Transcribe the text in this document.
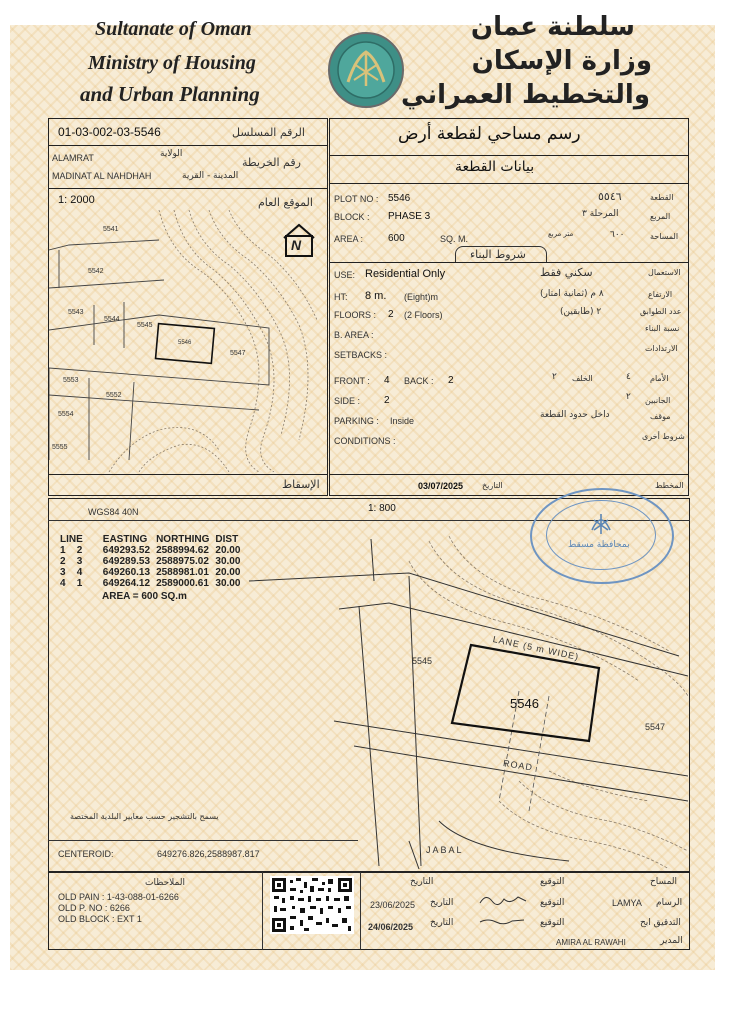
Sultanate of Oman
Ministry of Housing
and Urban Planning
سلطنة عمان
وزارة الإسكان
والتخطيط العمراني
01-03-002-03-5546	الرقم المسلسل
الولاية
رقم الخريطة
ALAMRAT
MADINAT AL NAHDHAH	المدينة - القرية
1: 2000	الموقع العام
5541
5542
5543
5544
5545
5546
5547
5553
5552
5554
5555
N
الإسقاط
رسم مساحي لقطعة أرض
بيانات القطعة
PLOT NO : 5546	٥٥٤٦	القطعة
BLOCK : PHASE 3	المرحلة ٣	المربع
AREA : 600	SQ. M.	متر مربع	٦٠٠	المساحة
شروط البناء
USE: Residential Only	سكني فقط	الاستعمال
HT: 8 m. (Eight)m	٨ م (ثمانية امتار)	الارتفاع
FLOORS : 2 (2 Floors)	٢ (طابقين)	عدد الطوابق
B. AREA :
نسبة البناء
SETBACKS :
الارتدادات
FRONT : 4 BACK : 2	٢ الخلف	٤ الأمام
SIDE : 2	٢ الجانبين
PARKING : Inside
داخل حدود القطعة	موقف
CONDITIONS :	شروط أخرى
03/07/2025 التاريخ	المخطط
WGS84 40N	1: 800
LINE	EASTING	NORTHING	DIST
1 2	649293.52	2588994.62	20.00
2 3	649289.53	2588975.02	30.00
3 4	649260.13	2588981.01	20.00
4 1	649264.12	2589000.61	30.00
AREA = 600 SQ.m
LANE (5 m WIDE)
ROAD
JABAL
5546
5545
5547
يسمح بالتشجير حسب معايير البلدية المختصة
CENTEROID:	649276.826,2588987.817
بمحافظة مسقط
الملاحظات
OLD PAIN : 1-43-088-01-6266
OLD P. NO : 6266
OLD BLOCK : EXT 1
التاريخ	التوقيع	المساح
23/06/2025 التاريخ	التوقيع	LAMYA الرسام
24/06/2025 التاريخ	التوقيع	التدقيق ابح
AMIRA AL RAWAHI	المدير
